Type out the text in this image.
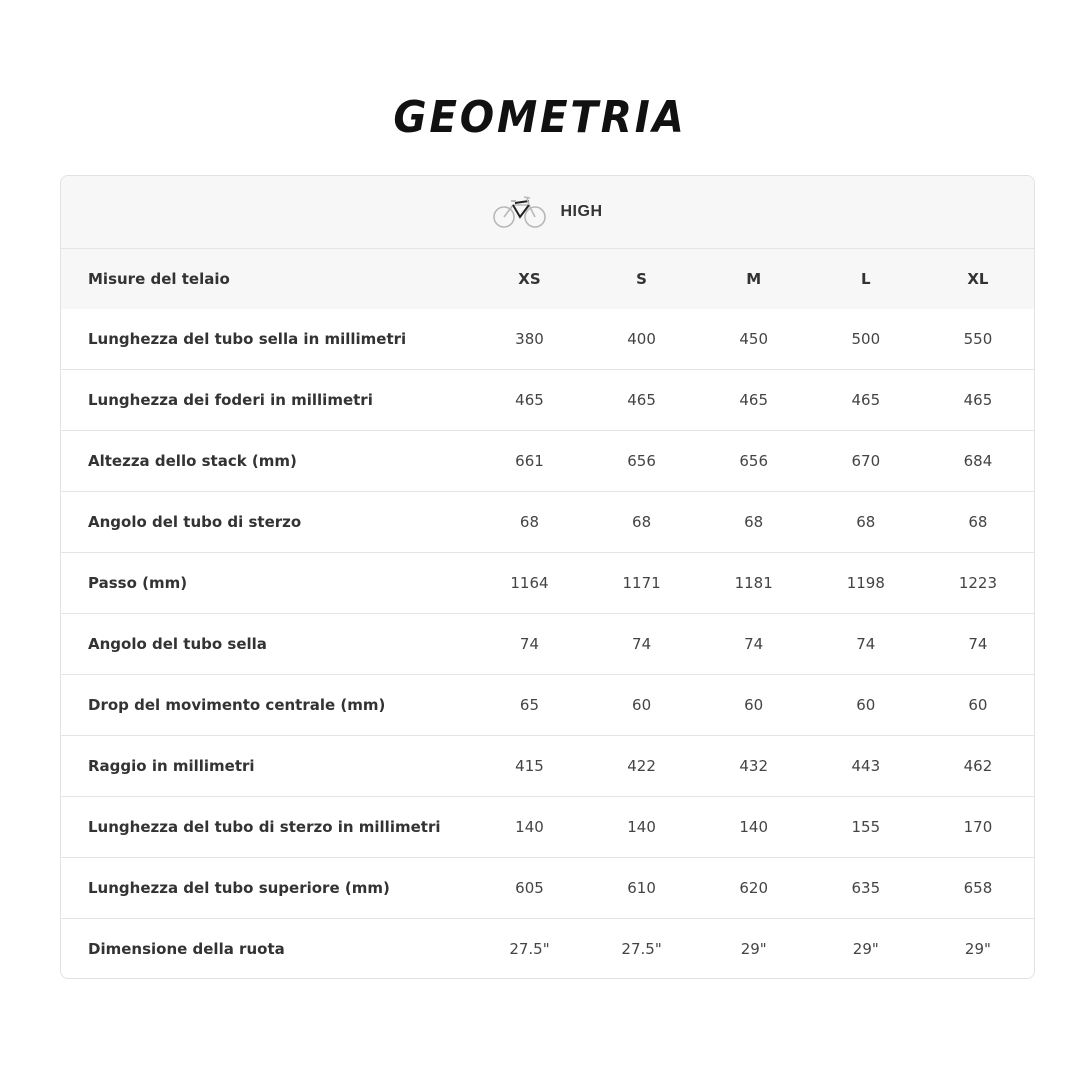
GEOMETRIA
HIGH
Misure del telaio	XS	S	M	L	XL
Lunghezza del tubo sella in millimetri	380	400	450	500	550
Lunghezza dei foderi in millimetri	465	465	465	465	465
Altezza dello stack (mm)	661	656	656	670	684
Angolo del tubo di sterzo	68	68	68	68	68
Passo (mm)	1164	1171	1181	1198	1223
Angolo del tubo sella	74	74	74	74	74
Drop del movimento centrale (mm)	65	60	60	60	60
Raggio in millimetri	415	422	432	443	462
Lunghezza del tubo di sterzo in millimetri	140	140	140	155	170
Lunghezza del tubo superiore (mm)	605	610	620	635	658
Dimensione della ruota	27.5"	27.5"	29"	29"	29"
